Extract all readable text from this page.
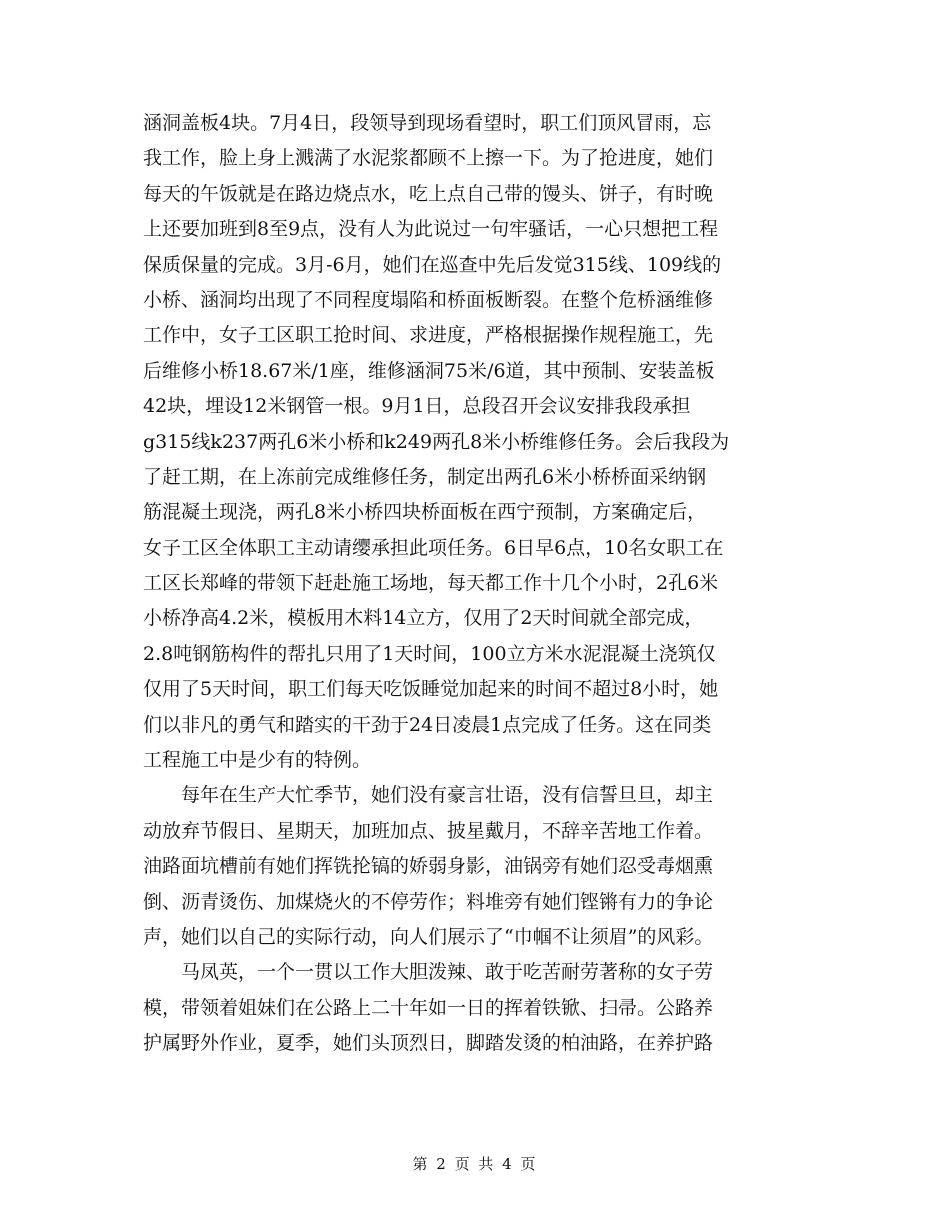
涵洞盖板4块。7月4日，段领导到现场看望时，职工们顶风冒雨，忘
我工作，脸上身上溅满了水泥浆都顾不上擦一下。为了抢进度，她们
每天的午饭就是在路边烧点水，吃上点自己带的馒头、饼子，有时晚
上还要加班到8至9点，没有人为此说过一句牢骚话，一心只想把工程
保质保量的完成。3月-6月，她们在巡查中先后发觉315线、109线的
小桥、涵洞均出现了不同程度塌陷和桥面板断裂。在整个危桥涵维修
工作中，女子工区职工抢时间、求进度，严格根据操作规程施工，先
后维修小桥18.67米/1座，维修涵洞75米/6道，其中预制、安装盖板
42块，埋设12米钢管一根。9月1日，总段召开会议安排我段承担
g315线k237两孔6米小桥和k249两孔8米小桥维修任务。会后我段为
了赶工期，在上冻前完成维修任务，制定出两孔6米小桥桥面采纳钢
筋混凝土现浇，两孔8米小桥四块桥面板在西宁预制，方案确定后，
女子工区全体职工主动请缨承担此项任务。6日早6点，10名女职工在
工区长郑峰的带领下赶赴施工场地，每天都工作十几个小时，2孔6米
小桥净高4.2米，模板用木料14立方，仅用了2天时间就全部完成，
2.8吨钢筋构件的帮扎只用了1天时间，100立方米水泥混凝土浇筑仅
仅用了5天时间，职工们每天吃饭睡觉加起来的时间不超过8小时，她
们以非凡的勇气和踏实的干劲于24日凌晨1点完成了任务。这在同类
工程施工中是少有的特例。
　　每年在生产大忙季节，她们没有豪言壮语，没有信誓旦旦，却主
动放弃节假日、星期天，加班加点、披星戴月，不辞辛苦地工作着。
油路面坑槽前有她们挥铣抡镐的娇弱身影，油锅旁有她们忍受毒烟熏
倒、沥青烫伤、加煤烧火的不停劳作；料堆旁有她们铿锵有力的争论
声，她们以自己的实际行动，向人们展示了“巾帼不让须眉”的风彩。
　　马凤英，一个一贯以工作大胆泼辣、敢于吃苦耐劳著称的女子劳
模，带领着姐妹们在公路上二十年如一日的挥着铁锨、扫帚。公路养
护属野外作业，夏季，她们头顶烈日，脚踏发烫的柏油路，在养护路
第 2 页 共 4 页
